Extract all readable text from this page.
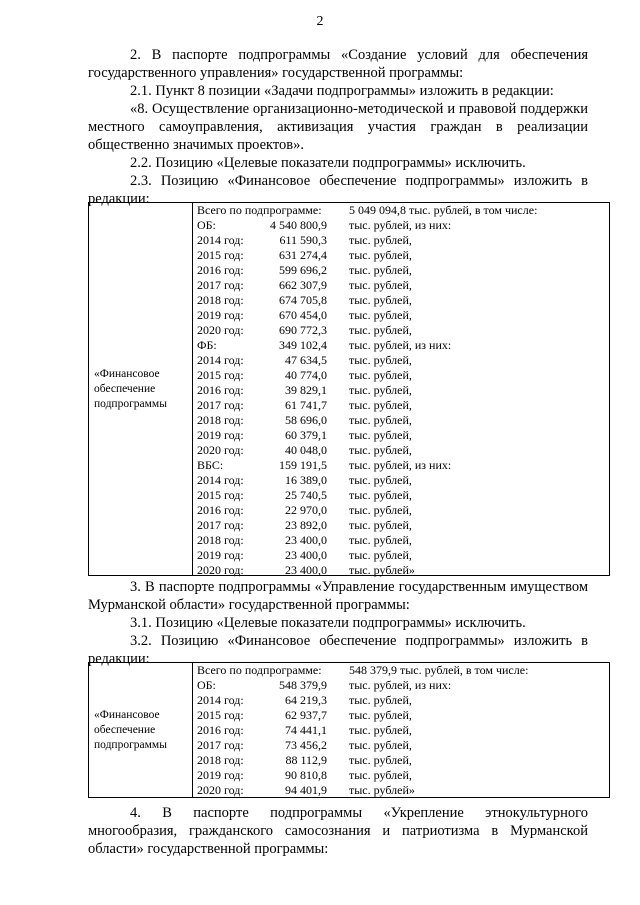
2

2. В паспорте подпрограммы «Создание условий для обеспечения государственного управления» государственной программы:

2.1. Пункт 8 позиции «Задачи подпрограммы» изложить в редакции:

«8. Осуществление организационно-методической и правовой поддержки местного самоуправления, активизация участия граждан в реализации общественно значимых проектов».

2.2. Позицию «Целевые показатели подпрограммы» исключить.

2.3. Позицию «Финансовое обеспечение подпрограммы» изложить в редакции:

«Финансовое обеспечение подпрограммы
Всего по подпрограмме: 5 049 094,8 тыс. рублей, в том числе:
ОБ:	4 540 800,9 тыс. рублей, из них:
2014 год:	611 590,3 тыс. рублей,
2015 год:	631 274,4 тыс. рублей,
2016 год:	599 696,2 тыс. рублей,
2017 год:	662 307,9 тыс. рублей,
2018 год:	674 705,8 тыс. рублей,
2019 год:	670 454,0 тыс. рублей,
2020 год:	690 772,3 тыс. рублей,
ФБ:	349 102,4 тыс. рублей, из них:
2014 год:	47 634,5 тыс. рублей,
2015 год:	40 774,0 тыс. рублей,
2016 год:	39 829,1 тыс. рублей,
2017 год:	61 741,7 тыс. рублей,
2018 год:	58 696,0 тыс. рублей,
2019 год:	60 379,1 тыс. рублей,
2020 год:	40 048,0 тыс. рублей,
ВБС:	159 191,5 тыс. рублей, из них:
2014 год:	16 389,0 тыс. рублей,
2015 год:	25 740,5 тыс. рублей,
2016 год:	22 970,0 тыс. рублей,
2017 год:	23 892,0 тыс. рублей,
2018 год:	23 400,0 тыс. рублей,
2019 год:	23 400,0 тыс. рублей,
2020 год:	23 400,0 тыс. рублей»

3. В паспорте подпрограммы «Управление государственным имуществом Мурманской области» государственной программы:

3.1. Позицию «Целевые показатели подпрограммы» исключить.

3.2. Позицию «Финансовое обеспечение подпрограммы» изложить в редакции:

«Финансовое обеспечение подпрограммы
Всего по подпрограмме: 548 379,9 тыс. рублей, в том числе:
ОБ:	548 379,9 тыс. рублей, из них:
2014 год:	64 219,3 тыс. рублей,
2015 год:	62 937,7 тыс. рублей,
2016 год:	74 441,1 тыс. рублей,
2017 год:	73 456,2 тыс. рублей,
2018 год:	88 112,9 тыс. рублей,
2019 год:	90 810,8 тыс. рублей,
2020 год:	94 401,9 тыс. рублей»

4. В паспорте подпрограммы «Укрепление этнокультурного многообразия, гражданского самосознания и патриотизма в Мурманской области» государственной программы:
